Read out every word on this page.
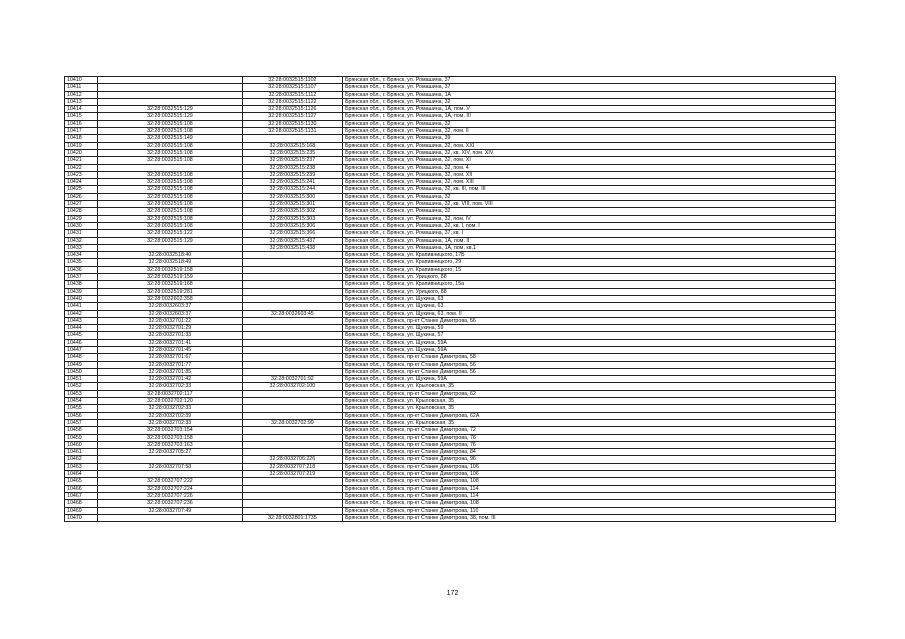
10410		32:28:0032515:1102	Брянская обл., г. Брянск, ул. Ромашина, 37
10411		32:28:0032515:1107	Брянская обл., г. Брянск, ул. Ромашина, 37
10412		32:28:0032515:1112	Брянская обл., г. Брянск, ул. Ромашина, 1А
10413		32:28:0032515:1122	Брянская обл., г. Брянск, ул. Ромашина, 32
10414	32:28:0032515:129	32:28:0032515:1126	Брянская обл., г. Брянск, ул. Ромашина, 1А, пом. V
10415	32:28:0032515:129	32:28:0032515:1127	Брянская обл., г. Брянск, ул. Ромашина, 1А, пом. III
10416	32:28:0032515:108	32:28:0032515:1130	Брянская обл., г. Брянск, ул. Ромашина, 32
10417	32:28:0032515:108	32:28:0032515:1131	Брянская обл., г. Брянск, ул. Ромашина, 32, пом. II
10418	32:28:0032515:149		Брянская обл., г. Брянск, ул. Ромашина, 39
10419	32:28:0032515:108	32:28:0032515:168	Брянская обл., г. Брянск, ул. Ромашина, 32, пом. XXI
10420	32:28:0032515:108	32:28:0032515:235	Брянская обл., г. Брянск, ул. Ромашина, 32, кв. XIV, пом. XIV
10421	32:28:0032515:108	32:28:0032515:237	Брянская обл., г. Брянск, ул. Ромашина, 32, пом. XI
10422		32:28:0032515:238	Брянская обл., г. Брянск, ул. Ромашина, 32, пом. 4
10423	32:28:0032515:108	32:28:0032515:239	Брянская обл., г. Брянск, ул. Ромашина, 32, пом. XII
10424	32:28:0032515:108	32:28:0032515:241	Брянская обл., г. Брянск, ул. Ромашина, 32, пом. XIII
10425	32:28:0032515:108	32:28:0032515:244	Брянская обл., г. Брянск, ул. Ромашина, 32, кв. III, пом. III
10426	32:28:0032515:108	32:28:0032515:300	Брянская обл., г. Брянск, ул. Ромашина, 32
10427	32:28:0032515:108	32:28:0032515:301	Брянская обл., г. Брянск, ул. Ромашина, 32, кв. VIII, пом. VIII
10428	32:28:0032515:108	32:28:0032515:302	Брянская обл., г. Брянск, ул. Ромашина, 32
10429	32:28:0032515:108	32:28:0032515:303	Брянская обл., г. Брянск, ул. Ромашина, 32, пом. IV
10430	32:28:0032515:108	32:28:0032515:306	Брянская обл., г. Брянск, ул. Ромашина, 32, кв. I, пом. I
10431	32:28:0032515:122	32:28:0032515:366	Брянская обл., г. Брянск, ул. Ромашина, 37, кв. I
10432	32:28:0032515:129	32:28:0032515:437	Брянская обл., г. Брянск, ул. Ромашина, 1А, пом. II
10433		32:28:0032515:438	Брянская обл., г. Брянск, ул. Ромашина, 1А, пом. кв.1
10434	32:28:0032518:40		Брянская обл., г. Брянск, ул. Крапивницкого, 17Б
10435	32:28:0032518:49		Брянская обл., г. Брянск, ул. Крапивницкого, 29
10436	32:28:0032519:158		Брянская обл., г. Брянск, ул. Крапивницкого, 15
10437	32:28:0032519:159		Брянская обл., г. Брянск, ул. Урицкого, 88
10438	32:28:0032519:168		Брянская обл., г. Брянск, ул. Крапивницкого, 15а
10439	32:28:0032519:281		Брянская обл., г. Брянск, ул. Урицкого, 88
10440	32:28:0032602:358		Брянская обл., г. Брянск, ул. Щукина, 63
10441	32:28:0032603:37		Брянская обл., г. Брянск, ул. Щукина, 63
10442	32:28:0032603:37	32:28:0032603:45	Брянская обл., г. Брянск, ул. Щукина, 63, пом. II
10443	32:28:0032701:22		Брянская обл., г. Брянск, пр-кт Станке Димитрова, 56
10444	32:28:0032701:29		Брянская обл., г. Брянск, ул. Щукина, 59
10445	32:28:0032701:33		Брянская обл., г. Брянск, ул. Щукина, 57
10446	32:28:0032701:41		Брянская обл., г. Брянск, ул. Щукина, 59А
10447	32:28:0032701:45		Брянская обл., г. Брянск, ул. Щукина, 59А
10448	32:28:0032701:67		Брянская обл., г. Брянск, пр-кт Станке Димитрова, 58
10449	32:28:0032701:77		Брянская обл., г. Брянск, пр-кт Станке Димитрова, 56
10450	32:28:0032701:85		Брянская обл., г. Брянск, пр-кт Станке Димитрова, 56
10451	32:28:0032701:42	32:28:0032701:92	Брянская обл., г. Брянск, ул. Щукина, 59А
10452	32:28:0032702:33	32:28:0032702:100	Брянская обл., г. Брянск, ул. Крыловская, 35
10453	32:28:0032702:117		Брянская обл., г. Брянск, пр-кт Станке Димитрова, 62
10454	32:28:0032702:120		Брянская обл., г. Брянск, ул. Крыловская, 35
10455	32:28:0032702:33		Брянская обл., г. Брянск, ул. Крыловская, 35
10456	32:28:0032702:39		Брянская обл., г. Брянск, пр-кт Станке Димитрова, 62А
10457	32:28:0032702:33	32:28:0032702:99	Брянская обл., г. Брянск, ул. Крыловская, 35
10458	32:28:0032703:154		Брянская обл., г. Брянск, пр-кт Станке Димитрова, 72
10459	32:28:0032703:158		Брянская обл., г. Брянск, пр-кт Станке Димитрова, 76
10460	32:28:0032703:163		Брянская обл., г. Брянск, пр-кт Станке Димитрова, 76
10461	32:28:0032705:27		Брянская обл., г. Брянск, пр-кт Станке Димитрова, 84
10462		32:28:0032706:226	Брянская обл., г. Брянск, пр-кт Станке Димитрова, 96
10463	32:28:0032707:58	32:28:0032707:218	Брянская обл., г. Брянск, пр-кт Станке Димитрова, 106
10464		32:28:0032707:219	Брянская обл., г. Брянск, пр-кт Станке Димитрова, 106
10465	32:28:0032707:222		Брянская обл., г. Брянск, пр-кт Станке Димитрова, 108
10466	32:28:0032707:224		Брянская обл., г. Брянск, пр-кт Станке Димитрова, 114
10467	32:28:0032707:226		Брянская обл., г. Брянск, пр-кт Станке Димитрова, 114
10468	32:28:0032707:236		Брянская обл., г. Брянск, пр-кт Станке Димитрова, 108
10469	32:28:0032707:49		Брянская обл., г. Брянск, пр-кт Станке Димитрова, 110
10470		32:28:0032801:1735	Брянская обл., г. Брянск, пр-кт Станке Димитрова, 38, пом. III
172
